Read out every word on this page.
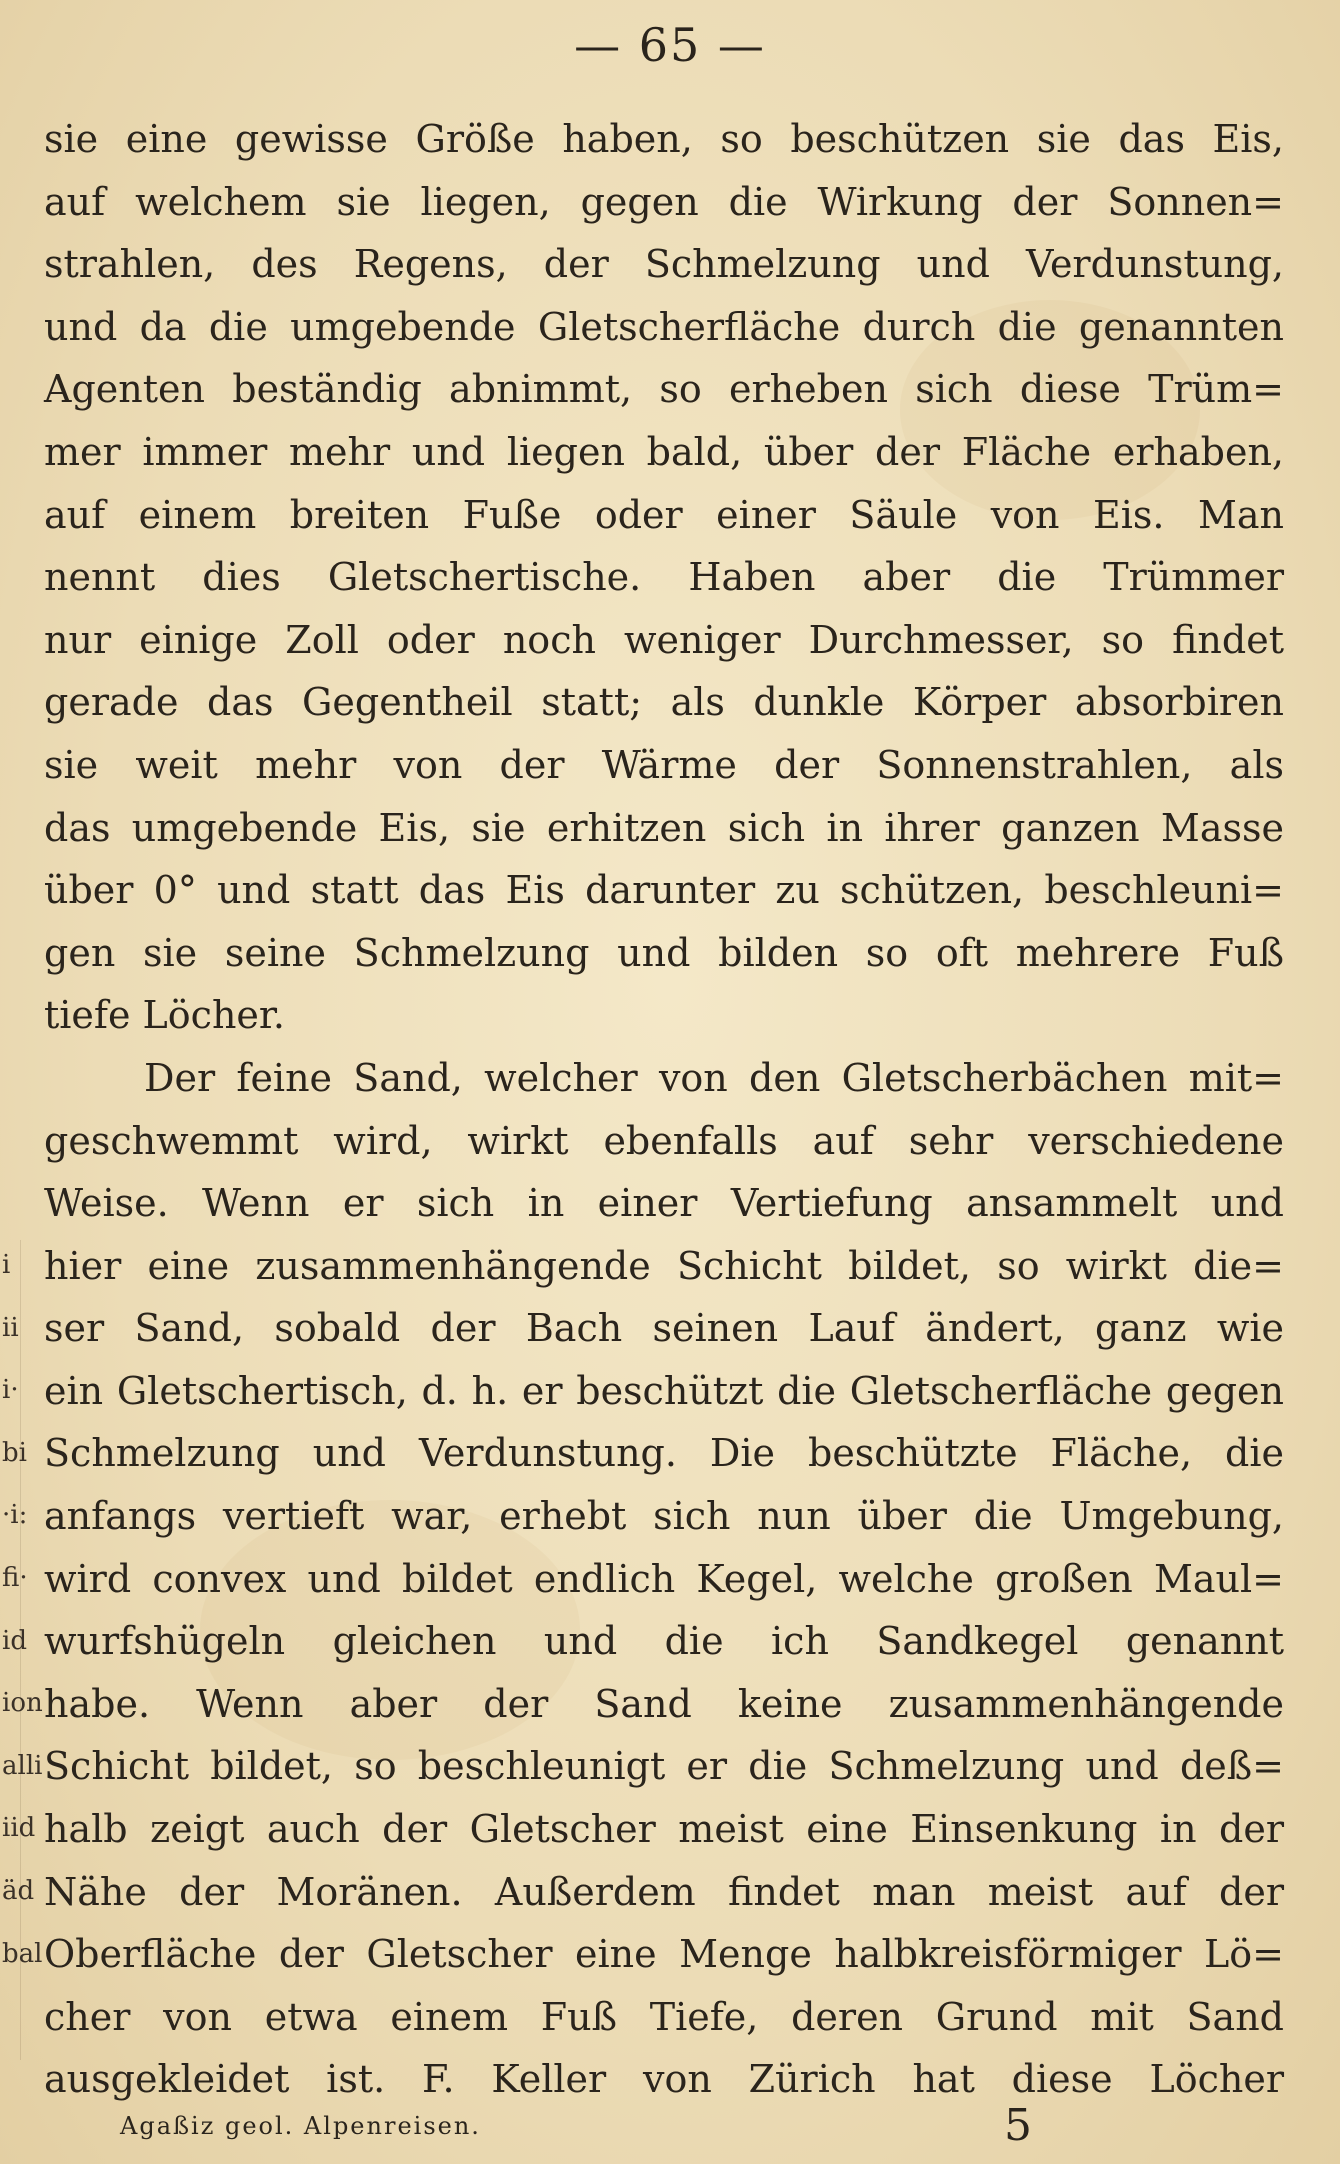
— 65 —
sie eine gewisse Größe haben, so beschützen sie das Eis,
auf welchem sie liegen, gegen die Wirkung der Sonnen=
strahlen, des Regens, der Schmelzung und Verdunstung,
und da die umgebende Gletscherfläche durch die genannten
Agenten beständig abnimmt, so erheben sich diese Trüm=
mer immer mehr und liegen bald, über der Fläche erhaben,
auf einem breiten Fuße oder einer Säule von Eis. Man
nennt dies Gletschertische. Haben aber die Trümmer
nur einige Zoll oder noch weniger Durchmesser, so findet
gerade das Gegentheil statt; als dunkle Körper absorbiren
sie weit mehr von der Wärme der Sonnenstrahlen, als
das umgebende Eis, sie erhitzen sich in ihrer ganzen Masse
über 0° und statt das Eis darunter zu schützen, beschleuni=
gen sie seine Schmelzung und bilden so oft mehrere Fuß
tiefe Löcher.
Der feine Sand, welcher von den Gletscherbächen mit=
geschwemmt wird, wirkt ebenfalls auf sehr verschiedene
Weise. Wenn er sich in einer Vertiefung ansammelt und
hier eine zusammenhängende Schicht bildet, so wirkt die=
ser Sand, sobald der Bach seinen Lauf ändert, ganz wie
ein Gletschertisch, d. h. er beschützt die Gletscherfläche gegen
Schmelzung und Verdunstung. Die beschützte Fläche, die
anfangs vertieft war, erhebt sich nun über die Umgebung,
wird convex und bildet endlich Kegel, welche großen Maul=
wurfshügeln gleichen und die ich Sandkegel genannt
habe. Wenn aber der Sand keine zusammenhängende
Schicht bildet, so beschleunigt er die Schmelzung und deß=
halb zeigt auch der Gletscher meist eine Einsenkung in der
Nähe der Moränen. Außerdem findet man meist auf der
Oberfläche der Gletscher eine Menge halbkreisförmiger Lö=
cher von etwa einem Fuß Tiefe, deren Grund mit Sand
ausgekleidet ist. F. Keller von Zürich hat diese Löcher
i
ii
i·
bi
·i:
fi·
id
ion
alli
iid
äd
bal
Agaßiz geol. Alpenreisen.	5
